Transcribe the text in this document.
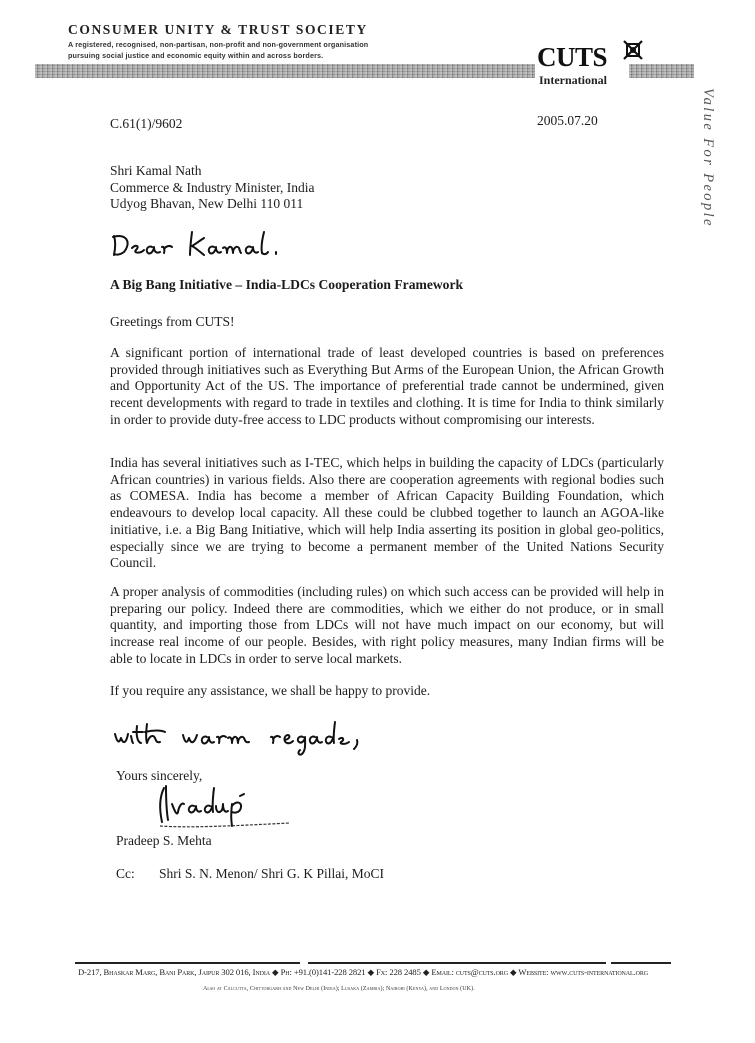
CONSUMER UNITY & TRUST SOCIETY
A registered, recognised, non-partisan, non-profit and non-government organisation
pursuing social justice and economic equity within and across borders.	CUTS
International
Value For People
C.61(1)/9602	2005.07.20
Shri Kamal Nath
Commerce & Industry Minister, India
Udyog Bhavan, New Delhi 110 011
A Big Bang Initiative – India-LDCs Cooperation Framework
Greetings from CUTS!
A significant portion of international trade of least developed countries is based on preferences provided through initiatives such as Everything But Arms of the European Union, the African Growth and Opportunity Act of the US. The importance of preferential trade cannot be undermined, given recent developments with regard to trade in textiles and clothing. It is time for India to think similarly in order to provide duty-free access to LDC products without compromising our interests.
India has several initiatives such as I-TEC, which helps in building the capacity of LDCs (particularly African countries) in various fields. Also there are cooperation agreements with regional bodies such as COMESA. India has become a member of African Capacity Building Foundation, which endeavours to develop local capacity. All these could be clubbed together to launch an AGOA-like initiative, i.e. a Big Bang Initiative, which will help India asserting its position in global geo-politics, especially since we are trying to become a permanent member of the United Nations Security Council.
A proper analysis of commodities (including rules) on which such access can be provided will help in preparing our policy. Indeed there are commodities, which we either do not produce, or in small quantity, and importing those from LDCs will not have much impact on our economy, but will increase real income of our people. Besides, with right policy measures, many Indian firms will be able to locate in LDCs in order to serve local markets.
If you require any assistance, we shall be happy to provide.
Yours sincerely,
Pradeep S. Mehta
Cc: Shri S. N. Menon/ Shri G. K Pillai, MoCI
D-217, Bhaskar Marg, Bani Park, Jaipur 302 016, India ◆ Ph: +91.(0)141-228 2821 ◆ Fx: 228 2485 ◆ Email: cuts@cuts.org ◆ Website: www.cuts-international.org
Also at Calcutta, Chittorgarh and New Delhi (India); Lusaka (Zambia); Nairobi (Kenya), and London (UK).
